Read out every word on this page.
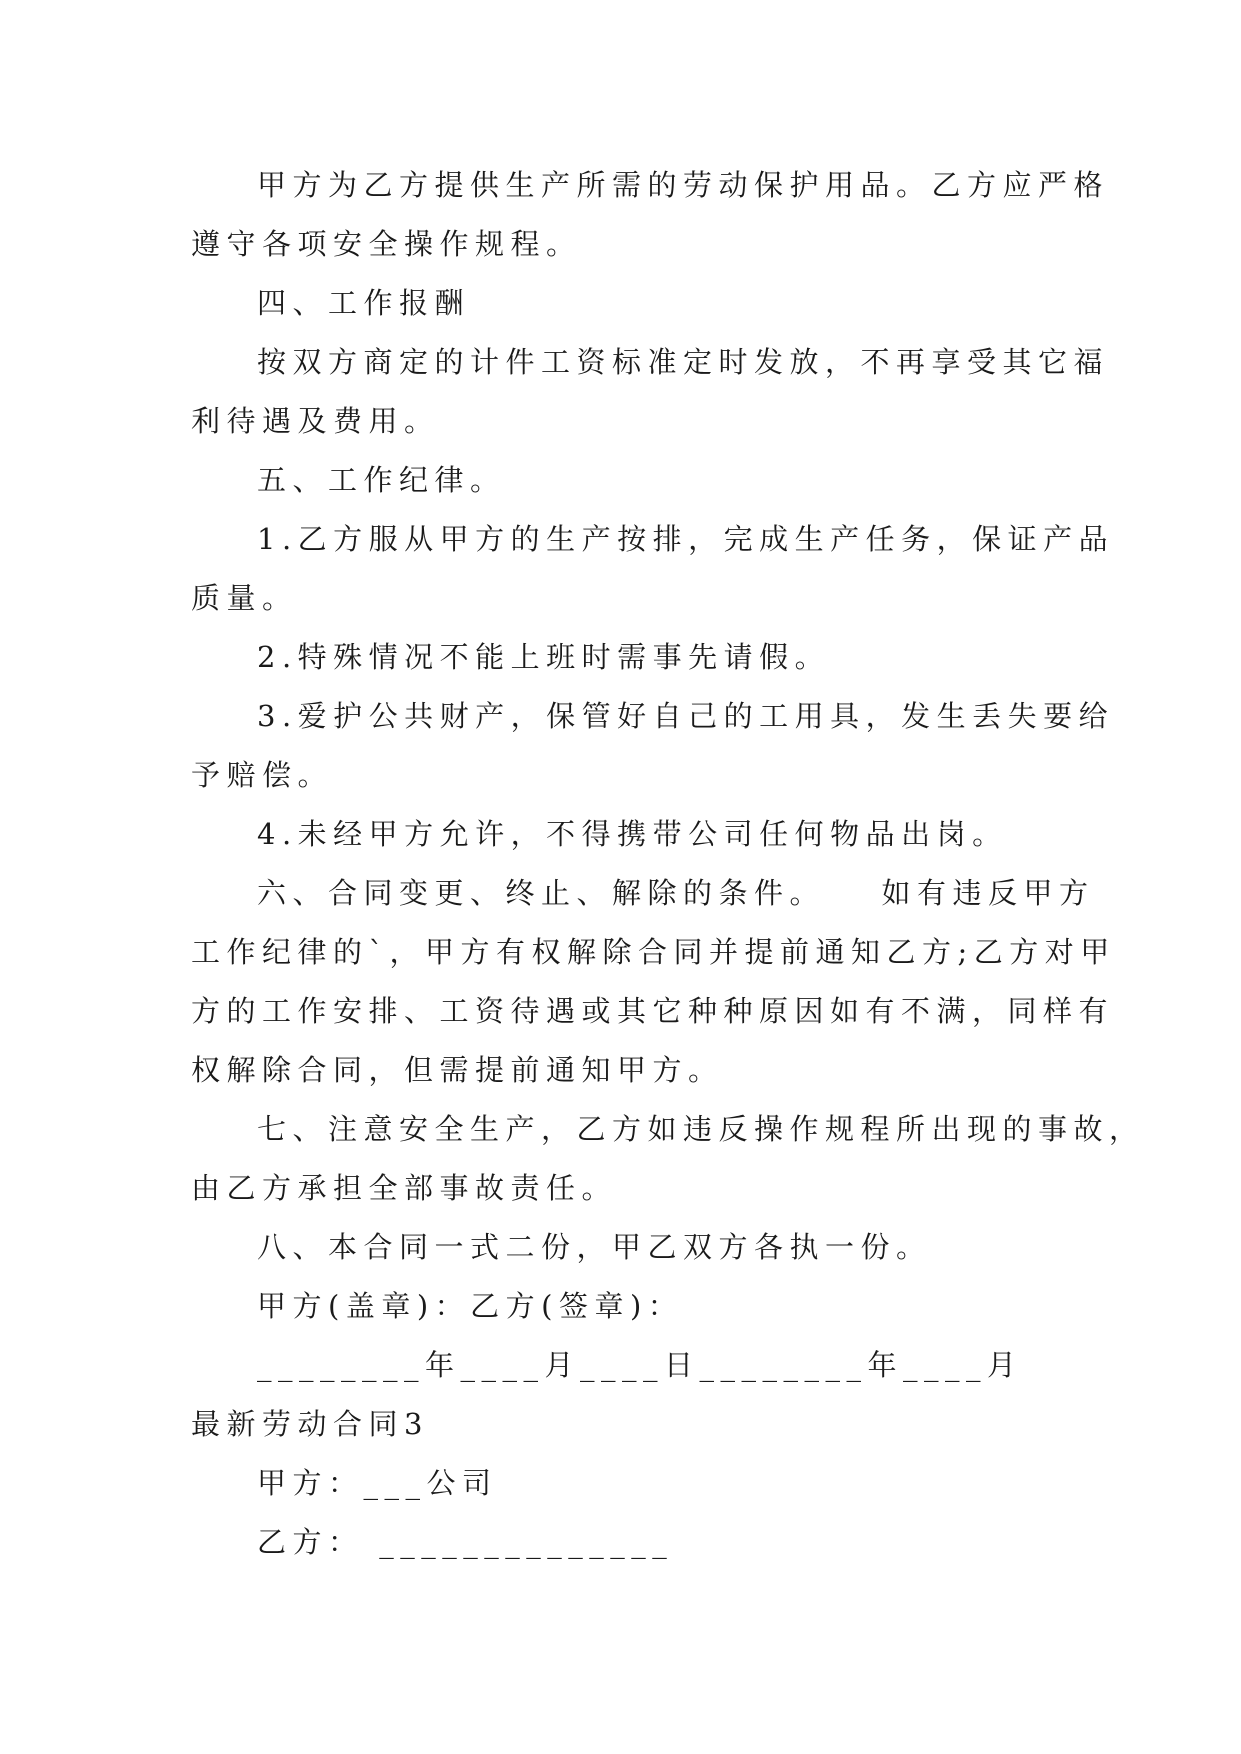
甲方为乙方提供生产所需的劳动保护用品。乙方应严格
遵守各项安全操作规程。
四、工作报酬
按双方商定的计件工资标准定时发放，不再享受其它福
利待遇及费用。
五、工作纪律。
1.乙方服从甲方的生产按排，完成生产任务，保证产品
质量。
2.特殊情况不能上班时需事先请假。
3.爱护公共财产，保管好自己的工用具，发生丢失要给
予赔偿。
4.未经甲方允许，不得携带公司任何物品出岗。
六、合同变更、终止、解除的条件。　　如有违反甲方
工作纪律的`，甲方有权解除合同并提前通知乙方;乙方对甲
方的工作安排、工资待遇或其它种种原因如有不满，同样有
权解除合同，但需提前通知甲方。
七、注意安全生产，乙方如违反操作规程所出现的事故，
由乙方承担全部事故责任。
八、本合同一式二份，甲乙双方各执一份。
甲方(盖章)：乙方(签章)：
________年____月____日________年____月
最新劳动合同3
甲方：___公司
乙方： ______________
